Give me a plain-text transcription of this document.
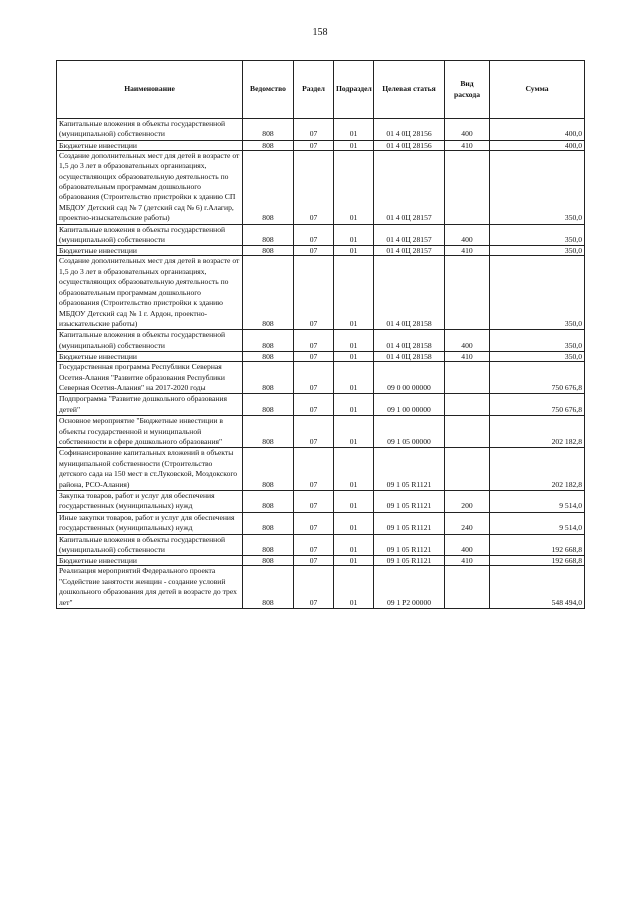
158
Наименование	Ведомство	Раздел	Подраздел	Целевая статья	Вид расхода	Сумма
Капитальные вложения в объекты государственной (муниципальной) собственности	808	07	01	01 4 0Ц 28156	400	400,0
Бюджетные инвестиции	808	07	01	01 4 0Ц 28156	410	400,0
Создание дополнительных мест для детей в возрасте от 1,5 до 3 лет в образовательных организациях, осуществляющих образовательную деятельность по образовательным программам дошкольного образования (Строительство пристройки к зданию СП МБДОУ Детский сад № 7 (детский сад № 6) г.Алагир, проектно-изыскательские работы)	808	07	01	01 4 0Ц 28157		350,0
Капитальные вложения в объекты государственной (муниципальной) собственности	808	07	01	01 4 0Ц 28157	400	350,0
Бюджетные инвестиции	808	07	01	01 4 0Ц 28157	410	350,0
Создание дополнительных мест для детей в возрасте от 1,5 до 3 лет в образовательных организациях, осуществляющих образовательную деятельность по образовательным программам дошкольного образования (Строительство пристройки к зданию МБДОУ Детский сад № 1 г. Ардон, проектно-изыскательские работы)	808	07	01	01 4 0Ц 28158		350,0
Капитальные вложения в объекты государственной (муниципальной) собственности	808	07	01	01 4 0Ц 28158	400	350,0
Бюджетные инвестиции	808	07	01	01 4 0Ц 28158	410	350,0
Государственная программа Республики Северная Осетия-Алания "Развитие образования Республики Северная Осетия-Алания" на 2017-2020 годы	808	07	01	09 0 00 00000		750 676,8
Подпрограмма "Развитие дошкольного образования детей"	808	07	01	09 1 00 00000		750 676,8
Основное мероприятие "Бюджетные инвестиции в объекты государственной и муниципальной собственности в сфере дошкольного образования"	808	07	01	09 1 05 00000		202 182,8
Софинансирование капитальных вложений в объекты муниципальной собственности (Строительство детского сада на 150 мест в ст.Луковской, Моздокского района, РСО-Алания)	808	07	01	09 1 05 R1121		202 182,8
Закупка товаров, работ и услуг для обеспечения государственных (муниципальных) нужд	808	07	01	09 1 05 R1121	200	9 514,0
Иные закупки товаров, работ и услуг для обеспечения государственных (муниципальных) нужд	808	07	01	09 1 05 R1121	240	9 514,0
Капитальные вложения в объекты государственной (муниципальной) собственности	808	07	01	09 1 05 R1121	400	192 668,8
Бюджетные инвестиции	808	07	01	09 1 05 R1121	410	192 668,8
Реализация мероприятий Федерального проекта "Содействие занятости женщин - создание условий дошкольного образования для детей в возрасте до трех лет"	808	07	01	09 1 P2 00000		548 494,0
